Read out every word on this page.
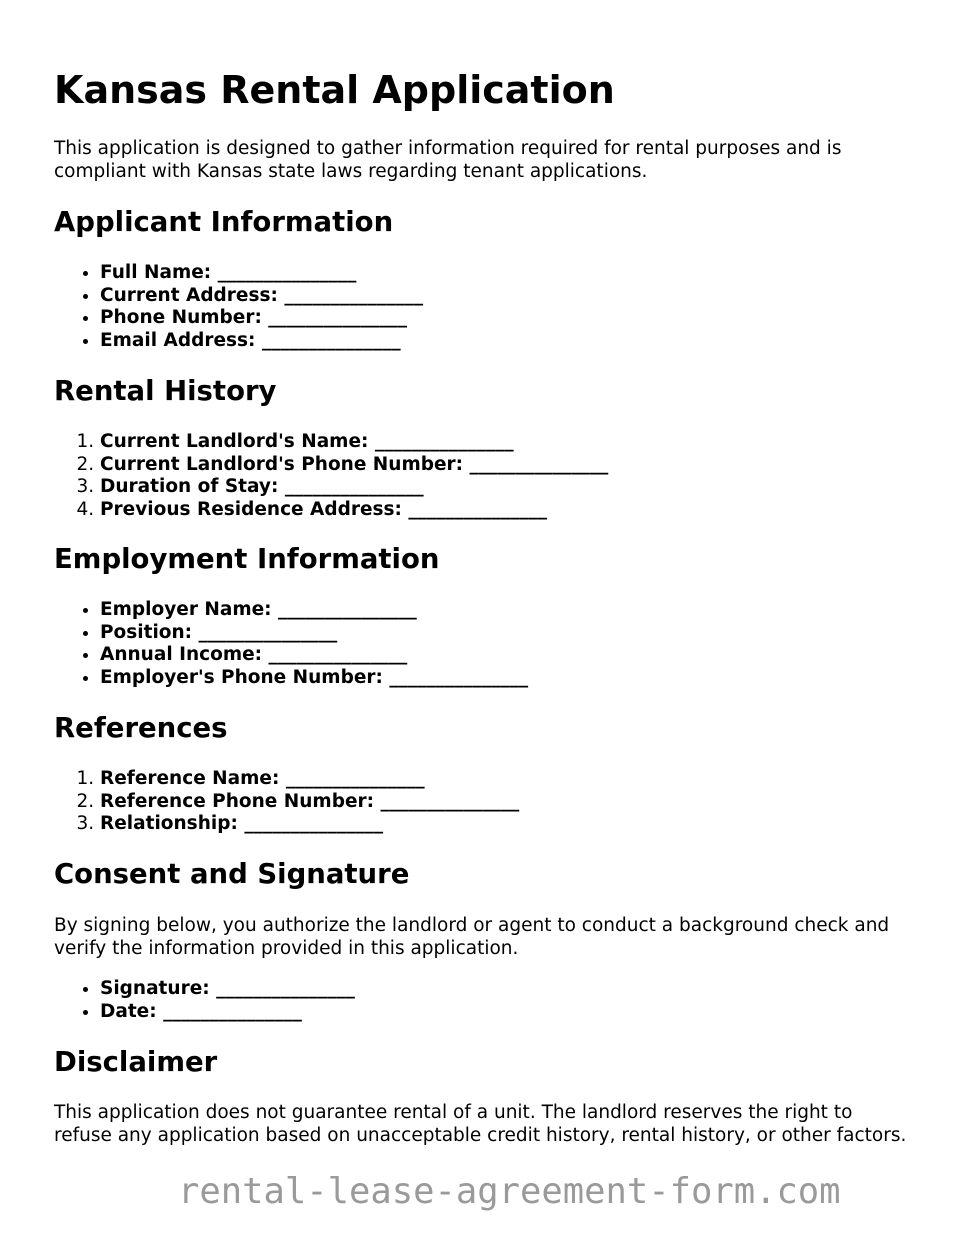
Kansas Rental Application

This application is designed to gather information required for rental purposes and is compliant with Kansas state laws regarding tenant applications.

Applicant Information
• Full Name: _______________
• Current Address: _______________
• Phone Number: _______________
• Email Address: _______________
Rental History
1. Current Landlord's Name: _______________
2. Current Landlord's Phone Number: _______________
3. Duration of Stay: _______________
4. Previous Residence Address: _______________
Employment Information
• Employer Name: _______________
• Position: _______________
• Annual Income: _______________
• Employer's Phone Number: _______________
References
1. Reference Name: _______________
2. Reference Phone Number: _______________
3. Relationship: _______________
Consent and Signature

By signing below, you authorize the landlord or agent to conduct a background check and verify the information provided in this application.

• Signature: _______________
• Date: _______________
Disclaimer

This application does not guarantee rental of a unit. The landlord reserves the right to refuse any application based on unacceptable credit history, rental history, or other factors.

rental-lease-agreement-form.com
